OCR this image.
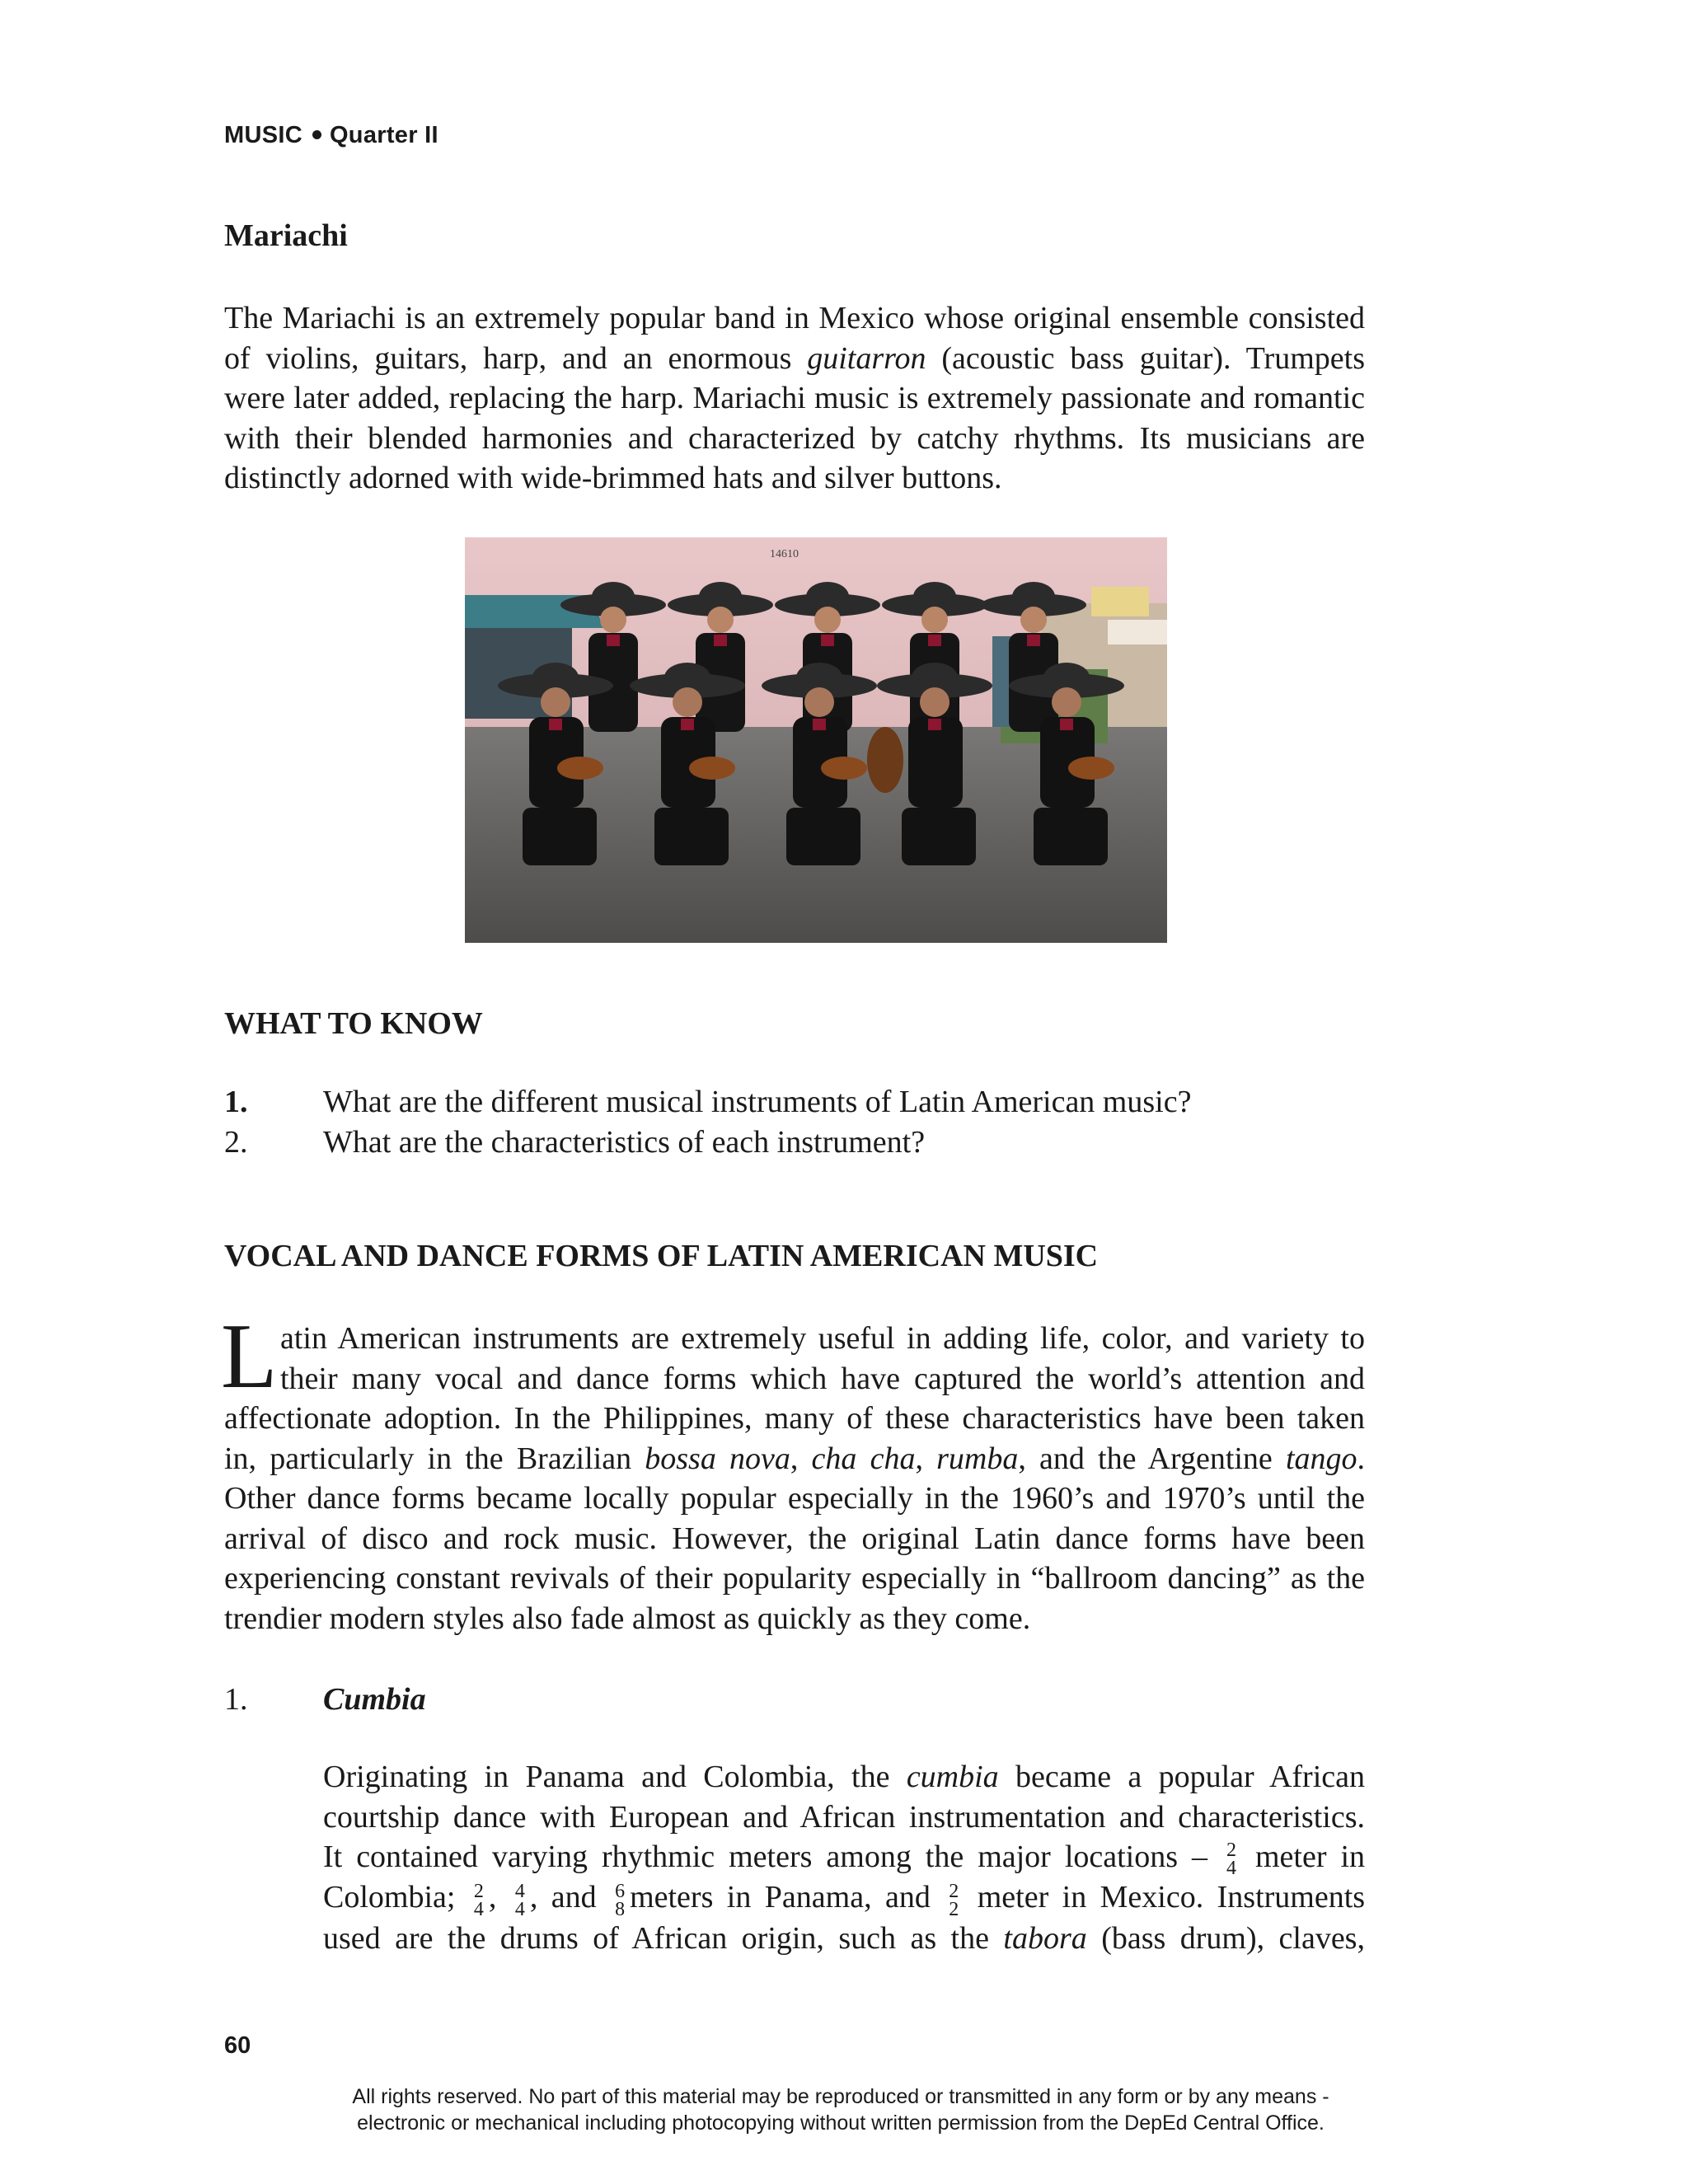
MUSIC Quarter II
Mariachi
The Mariachi is an extremely popular band in Mexico whose original ensemble consisted
of violins, guitars, harp, and an enormous guitarron (acoustic bass guitar). Trumpets
were later added, replacing the harp. Mariachi music is extremely passionate and romantic
with their blended harmonies and characterized by catchy rhythms. Its musicians are
distinctly adorned with wide-brimmed hats and silver buttons.
14610
WHAT TO KNOW
1. What are the different musical instruments of Latin American music?
2. What are the characteristics of each instrument?
VOCAL AND DANCE FORMS OF LATIN AMERICAN MUSIC
L atin American instruments are extremely useful in adding life, color, and variety to
their many vocal and dance forms which have captured the world’s attention and
affectionate adoption. In the Philippines, many of these characteristics have been taken
in, particularly in the Brazilian bossa nova, cha cha, rumba, and the Argentine tango.
Other dance forms became locally popular especially in the 1960’s and 1970’s until the
arrival of disco and rock music. However, the original Latin dance forms have been
experiencing constant revivals of their popularity especially in “ballroom dancing” as the
trendier modern styles also fade almost as quickly as they come.
1. Cumbia
Originating in Panama and Colombia, the cumbia became a popular African
courtship dance with European and African instrumentation and characteristics.
It contained varying rhythmic meters among the major locations – 2
4 meter in
Colombia; 2
4 , 4
4 , and 6
8 meters in Panama, and 2
2 meter in Mexico. Instruments
used are the drums of African origin, such as the tabora (bass drum), claves,
60
All rights reserved. No part of this material may be reproduced or transmitted in any form or by any means -
electronic or mechanical including photocopying without written permission from the DepEd Central Office.
